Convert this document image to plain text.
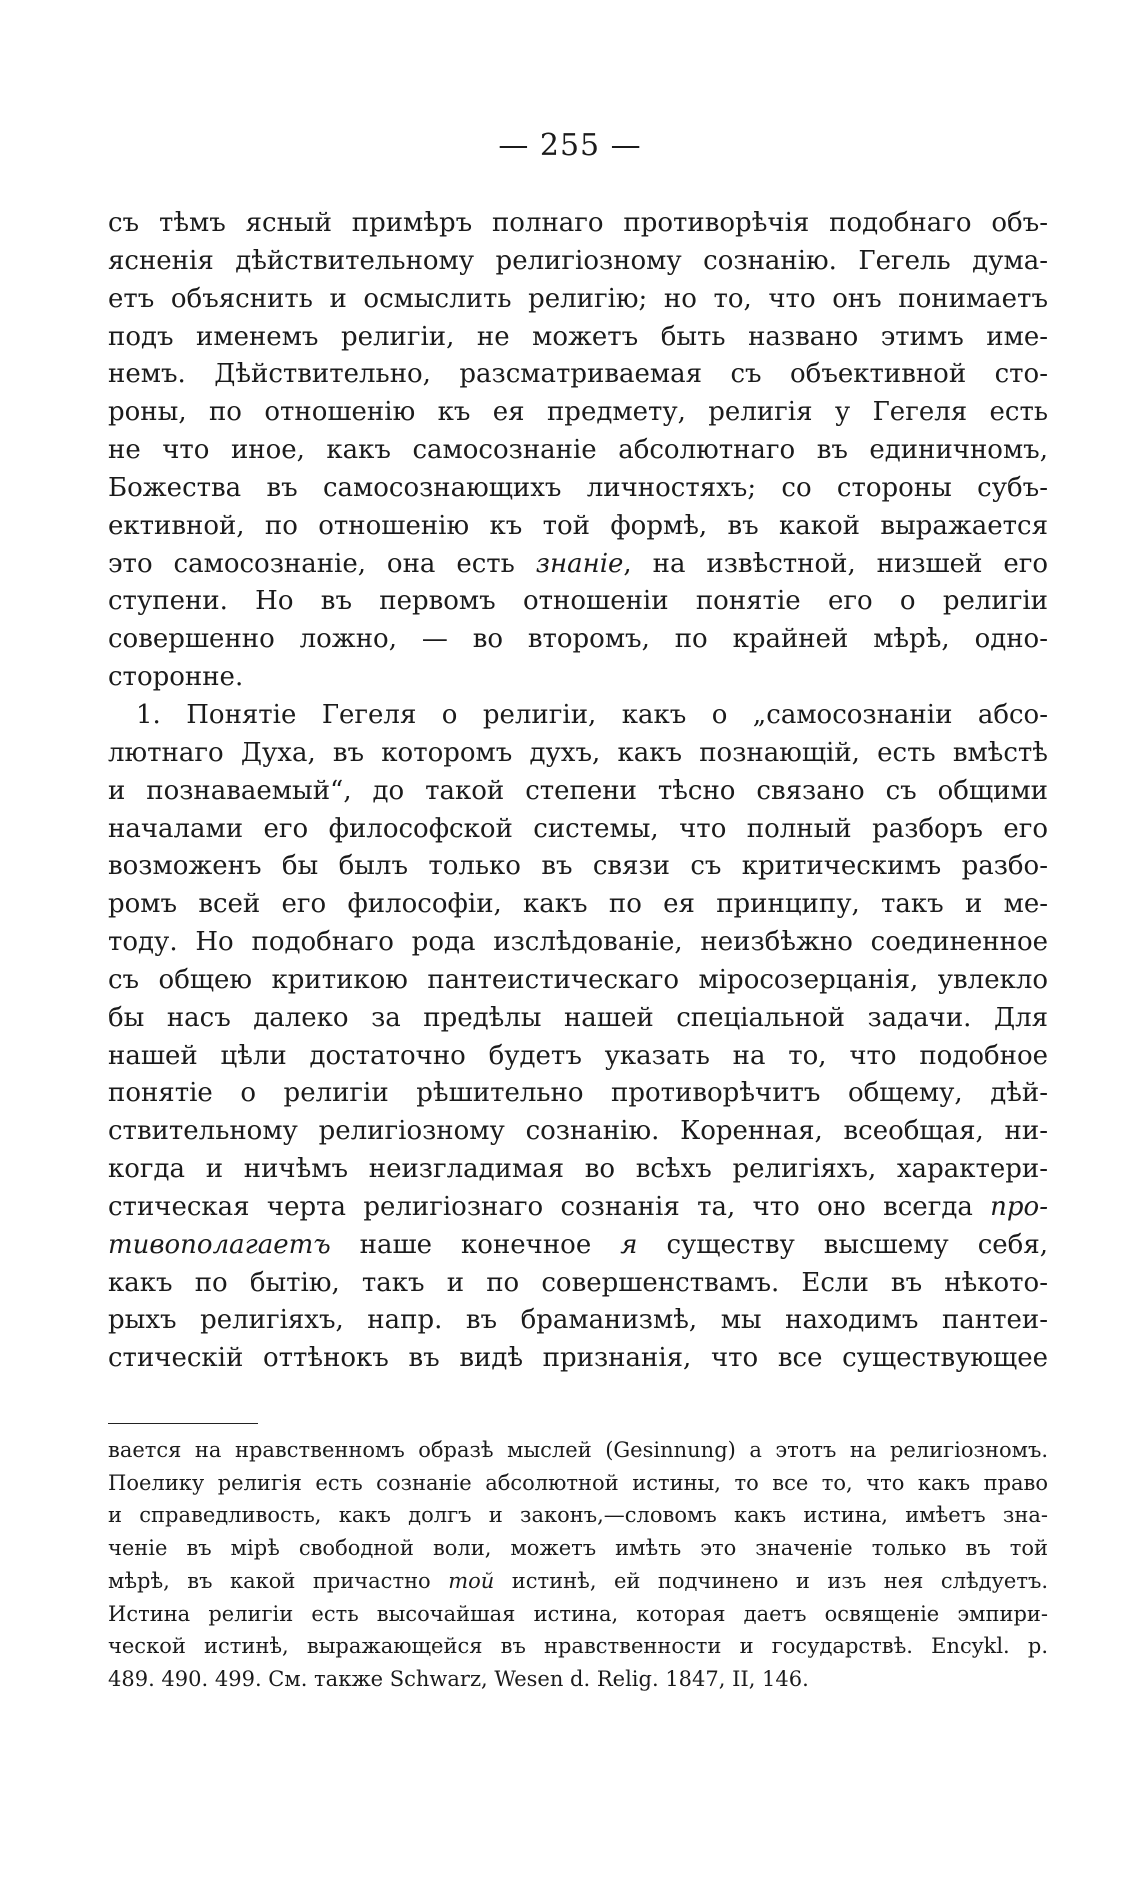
— 255 —
съ тѣмъ ясный примѣръ полнаго противорѣчія подобнаго объ-
ясненія дѣйствительному религіозному сознанію. Гегель дума-
етъ объяснить и осмыслить религію; но то, что онъ понимаетъ
подъ именемъ религіи, не можетъ быть названо этимъ име-
немъ. Дѣйствительно, разсматриваемая съ объективной сто-
роны, по отношенію къ ея предмету, религія у Гегеля есть
не что иное, какъ самосознаніе абсолютнаго въ единичномъ,
Божества въ самосознающихъ личностяхъ; со стороны субъ-
ективной, по отношенію къ той формѣ, въ какой выражается
это самосознаніе, она есть знаніе, на извѣстной, низшей его
ступени. Но въ первомъ отношеніи понятіе его о религіи
совершенно ложно, — во второмъ, по крайней мѣрѣ, одно-
сторонне.
1. Понятіе Гегеля о религіи, какъ о „самосознаніи абсо-
лютнаго Духа, въ которомъ духъ, какъ познающій, есть вмѣстѣ
и познаваемый“, до такой степени тѣсно связано съ общими
началами его философской системы, что полный разборъ его
возможенъ бы былъ только въ связи съ критическимъ разбо-
ромъ всей его философіи, какъ по ея принципу, такъ и ме-
тоду. Но подобнаго рода изслѣдованіе, неизбѣжно соединенное
съ общею критикою пантеистическаго міросозерцанія, увлекло
бы насъ далеко за предѣлы нашей спеціальной задачи. Для
нашей цѣли достаточно будетъ указать на то, что подобное
понятіе о религіи рѣшительно противорѣчитъ общему, дѣй-
ствительному религіозному сознанію. Коренная, всеобщая, ни-
когда и ничѣмъ неизгладимая во всѣхъ религіяхъ, характери-
стическая черта религіознаго сознанія та, что оно всегда про-
тивополагаетъ наше конечное я существу высшему себя,
какъ по бытію, такъ и по совершенствамъ. Если въ нѣкото-
рыхъ религіяхъ, напр. въ браманизмѣ, мы находимъ пантеи-
стическій оттѣнокъ въ видѣ признанія, что все существующее
вается на нравственномъ образѣ мыслей (Gesinnung) а этотъ на религіозномъ.
Поелику религія есть сознаніе абсолютной истины, то все то, что какъ право
и справедливость, какъ долгъ и законъ,—словомъ какъ истина, имѣетъ зна-
ченіе въ мірѣ свободной воли, можетъ имѣть это значеніе только въ той
мѣрѣ, въ какой причастно той истинѣ, ей подчинено и изъ нея слѣдуетъ.
Истина религіи есть высочайшая истина, которая даетъ освященіе эмпири-
ческой истинѣ, выражающейся въ нравственности и государствѣ. Encykl. p.
489. 490. 499. См. также Schwarz, Wesen d. Relig. 1847, II, 146.
